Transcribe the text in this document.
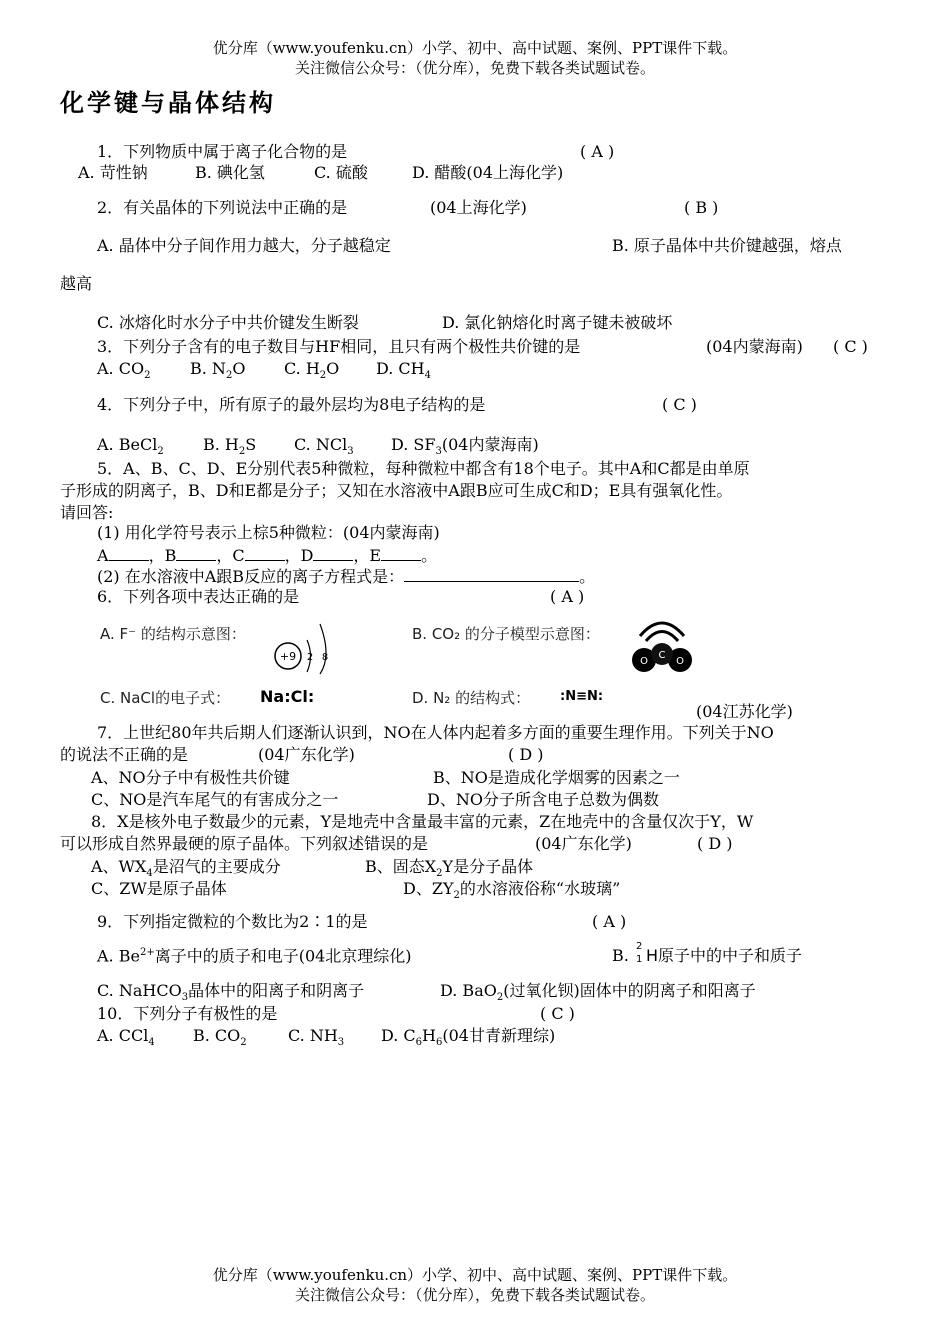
优分库（www.youfenku.cn）小学、初中、高中试题、案例、PPT课件下载。
关注微信公众号：（优分库），免费下载各类试题试卷。
化学键与晶体结构
1．下列物质中属于离子化合物的是	( A )
A. 苛性钠	B. 碘化氢	C. 硫酸	D. 醋酸(04上海化学)
2．有关晶体的下列说法中正确的是	(04上海化学)	( B )
A. 晶体中分子间作用力越大，分子越稳定	B. 原子晶体中共价键越强，熔点
越高
C. 冰熔化时水分子中共价键发生断裂	D. 氯化钠熔化时离子键未被破坏
3．下列分子含有的电子数目与HF相同，且只有两个极性共价键的是	(04内蒙海南) ( C )
A. $CO_2$ B. $N_2O$ C. $H_2O$ D. $CH_4$
4．下列分子中，所有原子的最外层均为8电子结构的是	( C )
A. BeCl$_2$ B. $H_2S$ C. NCl$_3$ D. $SF_3(04$内蒙海南)
5．A、B、C、D、E分别代表5种微粒，每种微粒中都含有18个电子。其中A和C都是由单原
子形成的阴离子，B、D和E都是分子；又知在水溶液中A跟B应可生成C和D；E具有强氧化性。
请回答:
(1) 用化学符号表示上棕5种微粒：(04内蒙海南)
A	，B	，C	，D	，E	。
(2) 在水溶液中A跟B反应的离子方程式是：	。
6．下列各项中表达正确的是	( A )
A. F⁻ 的结构示意图：
+9 2 8
B. CO₂ 的分子模型示意图：
O
C
O
C. NaCl的电子式： Na:Cl:	D. N₂ 的结构式： :N≡N:
(04江苏化学)
7．上世纪80年共后期人们逐渐认识到，NO在人体内起着多方面的重要生理作用。下列关于NO
的说法不正确的是	(04广东化学)	( D )
A、NO分子中有极性共价键	B、NO是造成化学烟雾的因素之一
C、NO是汽车尾气的有害成分之一	D、NO分子所含电子总数为偶数
8．X是核外电子数最少的元素，Y是地壳中含量最丰富的元素，Z在地壳中的含量仅次于Y，W
可以形成自然界最硬的原子晶体。下列叙述错误的是	(04广东化学)	( D )
A、$WX_4$是沼气的主要成分	B、固态$X_2Y$是分子晶体
C、ZW是原子晶体	D、$ZY_2$的水溶液俗称“水玻璃”
9．下列指定微粒的个数比为2∶1的是	( A )
A. $Be^{2+}$离子中的质子和电子(04北京理综化)	B. 2
1 H原子中的中子和质子
C. NaHCO$_3$晶体中的阳离子和阴离子	D. BaO$_2$(过氧化钡)固体中的阴离子和阳离子
10．下列分子有极性的是	( C )
A. CCl$_4$ B. $CO_2$	C. $NH_3$ D. $C_6H_6(04$甘青新理综)
优分库（www.youfenku.cn）小学、初中、高中试题、案例、PPT课件下载。
关注微信公众号：（优分库），免费下载各类试题试卷。
